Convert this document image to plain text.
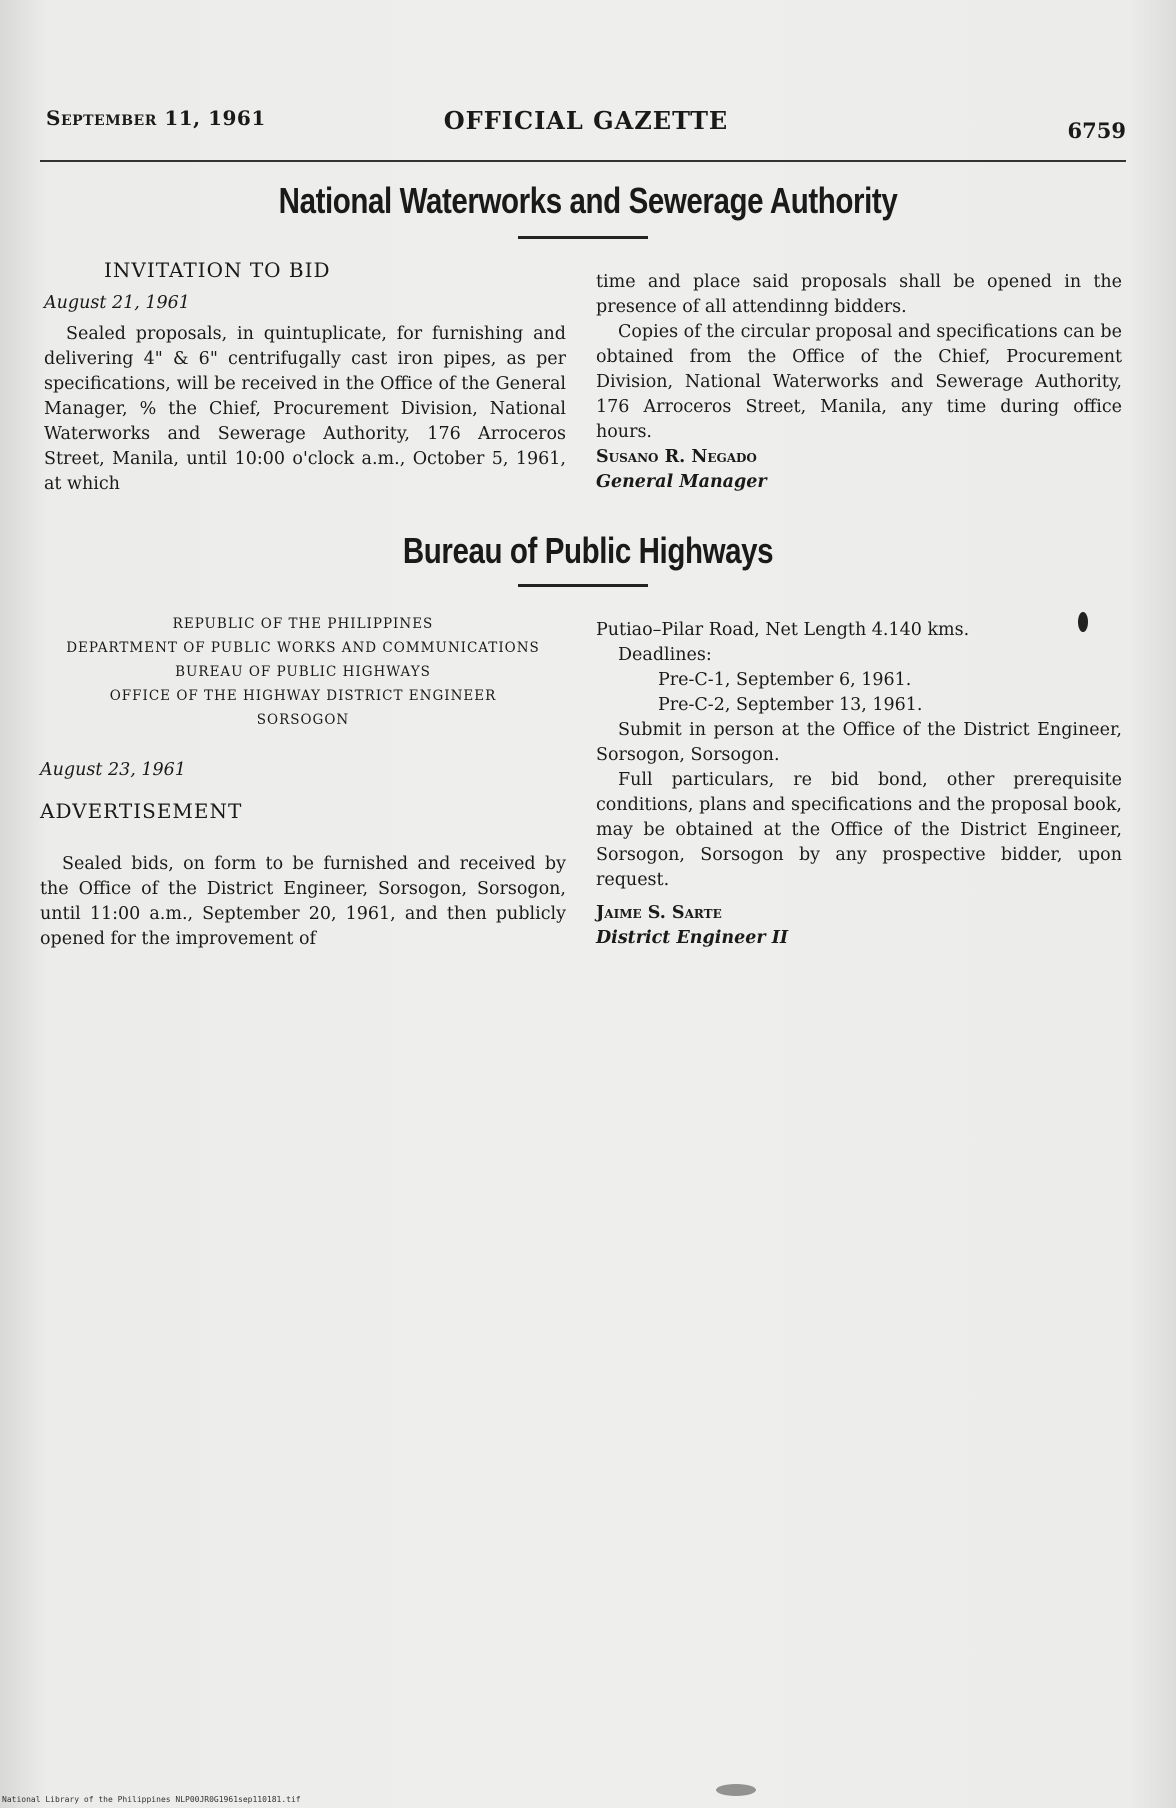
September 11, 1961	OFFICIAL GAZETTE	6759
National Waterworks and Sewerage Authority

INVITATION TO BID

August 21, 1961

Sealed proposals, in quintuplicate, for furnishing and delivering 4" & 6" centrifugally cast iron pipes, as per specifications, will be received in the Office of the General Manager, % the Chief, Procurement Division, National Waterworks and Sewerage Authority, 176 Arroceros Street, Manila, until 10:00 o'clock a.m., October 5, 1961, at which

time and place said proposals shall be opened in the presence of all attendinng bidders.

Copies of the circular proposal and specifications can be obtained from the Office of the Chief, Procurement Division, National Waterworks and Sewerage Authority, 176 Arroceros Street, Manila, any time during office hours.

Susano R. Negado

General Manager

Bureau of Public Highways
REPUBLIC OF THE PHILIPPINES
DEPARTMENT OF PUBLIC WORKS AND COMMUNICATIONS
BUREAU OF PUBLIC HIGHWAYS
OFFICE OF THE HIGHWAY DISTRICT ENGINEER
SORSOGON

August 23, 1961

ADVERTISEMENT

Sealed bids, on form to be furnished and received by the Office of the District Engineer, Sorsogon, Sorsogon, until 11:00 a.m., September 20, 1961, and then publicly opened for the improvement of

Putiao–Pilar Road, Net Length 4.140 kms.

Deadlines:

Pre-C-1, September 6, 1961.

Pre-C-2, September 13, 1961.

Submit in person at the Office of the District Engineer, Sorsogon, Sorsogon.

Full particulars, re bid bond, other prerequisite conditions, plans and specifications and the proposal book, may be obtained at the Office of the District Engineer, Sorsogon, Sorsogon by any prospective bidder, upon request.

Jaime S. Sarte

District Engineer II

National Library of the Philippines NLP00JR0G1961sep110181.tif
